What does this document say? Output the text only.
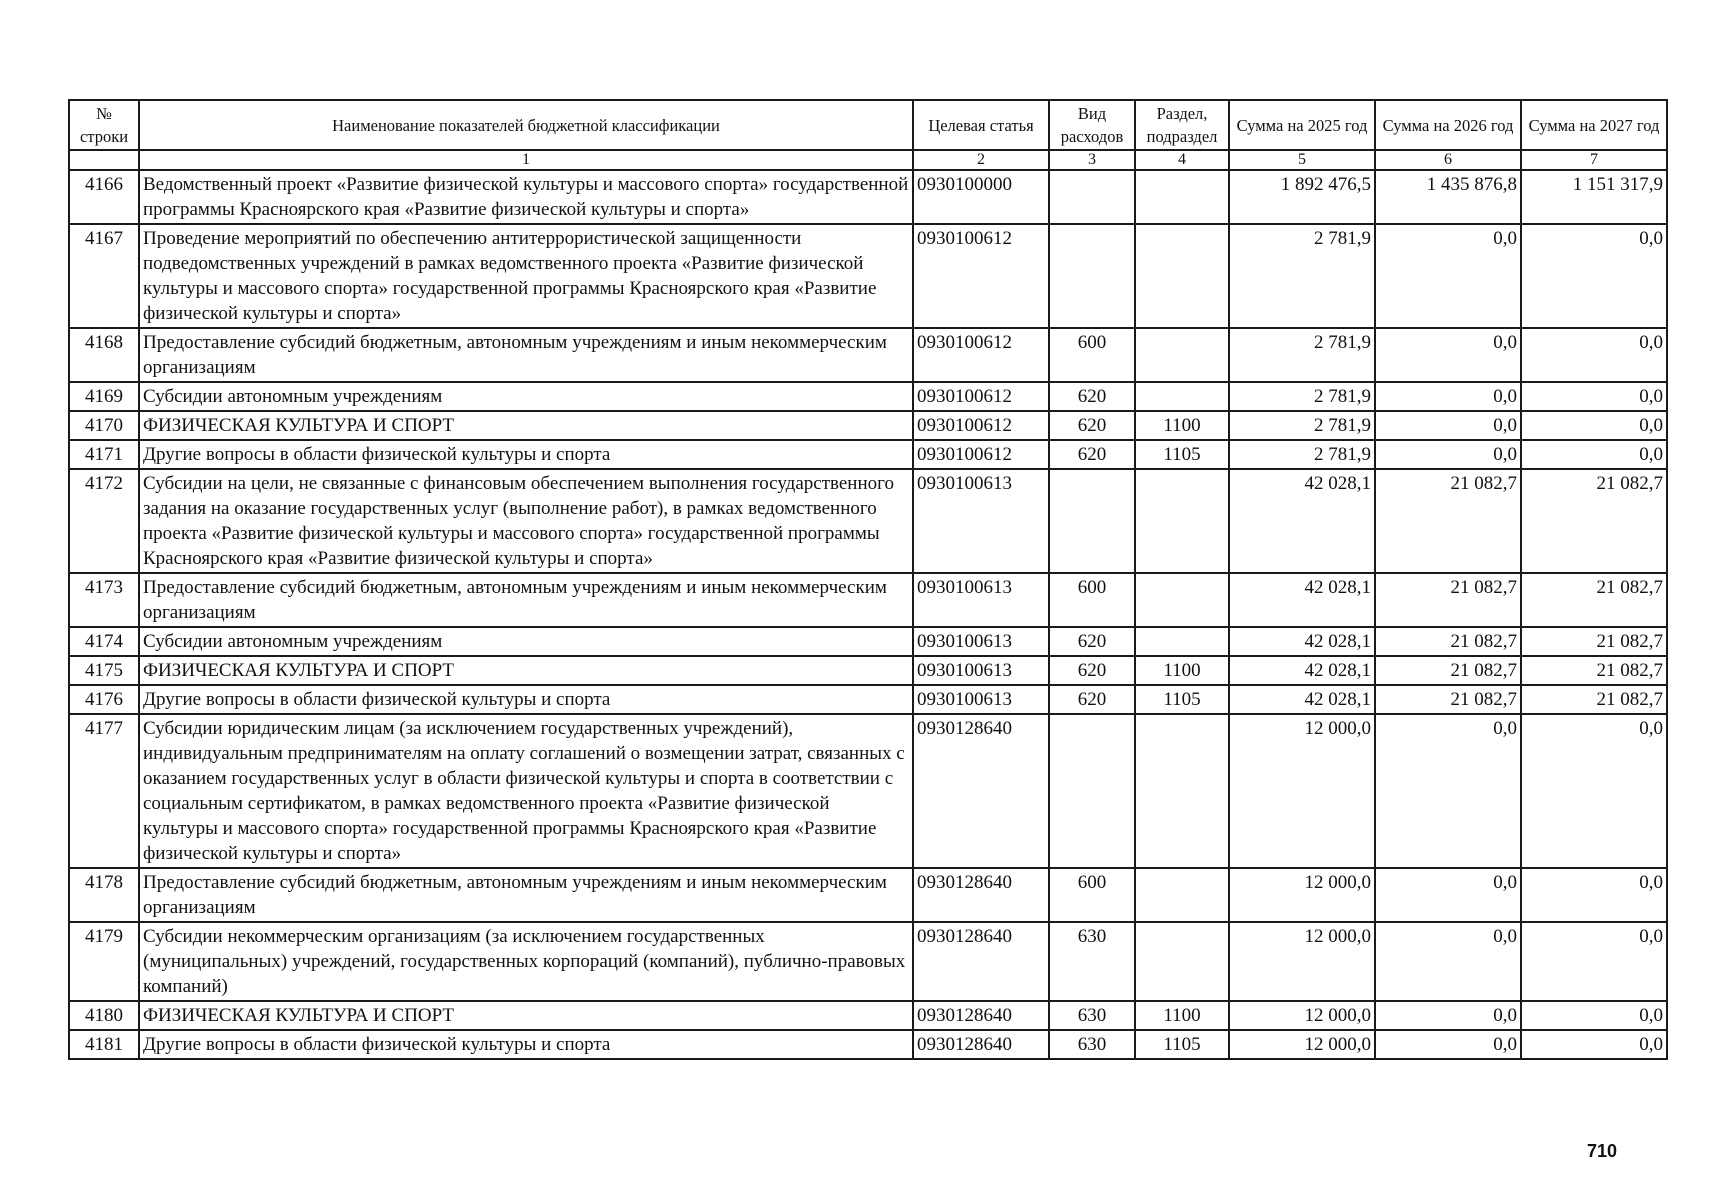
№ строки	Наименование показателей бюджетной классификации	Целевая статья	Вид расходов	Раздел, подраздел	Сумма на 2025 год	Сумма на 2026 год	Сумма на 2027 год
	1	2	3	4	5	6	7
4166	Ведомственный проект «Развитие физической культуры и массового спорта» государственной программы Красноярского края «Развитие физической культуры и спорта»	0930100000			1 892 476,5	1 435 876,8	1 151 317,9
4167	Проведение мероприятий по обеспечению антитеррористической защищенности подведомственных учреждений в рамках ведомственного проекта «Развитие физической культуры и массового спорта» государственной программы Красноярского края «Развитие физической культуры и спорта»	0930100612			2 781,9	0,0	0,0
4168	Предоставление субсидий бюджетным, автономным учреждениям и иным некоммерческим организациям	0930100612	600		2 781,9	0,0	0,0
4169	Субсидии автономным учреждениям	0930100612	620		2 781,9	0,0	0,0
4170	ФИЗИЧЕСКАЯ КУЛЬТУРА И СПОРТ	0930100612	620	1100	2 781,9	0,0	0,0
4171	Другие вопросы в области физической культуры и спорта	0930100612	620	1105	2 781,9	0,0	0,0
4172	Субсидии на цели, не связанные с финансовым обеспечением выполнения государственного задания на оказание государственных услуг (выполнение работ), в рамках ведомственного проекта «Развитие физической культуры и массового спорта» государственной программы Красноярского края «Развитие физической культуры и спорта»	0930100613			42 028,1	21 082,7	21 082,7
4173	Предоставление субсидий бюджетным, автономным учреждениям и иным некоммерческим организациям	0930100613	600		42 028,1	21 082,7	21 082,7
4174	Субсидии автономным учреждениям	0930100613	620		42 028,1	21 082,7	21 082,7
4175	ФИЗИЧЕСКАЯ КУЛЬТУРА И СПОРТ	0930100613	620	1100	42 028,1	21 082,7	21 082,7
4176	Другие вопросы в области физической культуры и спорта	0930100613	620	1105	42 028,1	21 082,7	21 082,7
4177	Субсидии юридическим лицам (за исключением государственных учреждений), индивидуальным предпринимателям на оплату соглашений о возмещении затрат, связанных с оказанием государственных услуг в области физической культуры и спорта в соответствии с социальным сертификатом, в рамках ведомственного проекта «Развитие физической культуры и массового спорта» государственной программы Красноярского края «Развитие физической культуры и спорта»	0930128640			12 000,0	0,0	0,0
4178	Предоставление субсидий бюджетным, автономным учреждениям и иным некоммерческим организациям	0930128640	600		12 000,0	0,0	0,0
4179	Субсидии некоммерческим организациям (за исключением государственных (муниципальных) учреждений, государственных корпораций (компаний), публично-правовых компаний)	0930128640	630		12 000,0	0,0	0,0
4180	ФИЗИЧЕСКАЯ КУЛЬТУРА И СПОРТ	0930128640	630	1100	12 000,0	0,0	0,0
4181	Другие вопросы в области физической культуры и спорта	0930128640	630	1105	12 000,0	0,0	0,0
710
